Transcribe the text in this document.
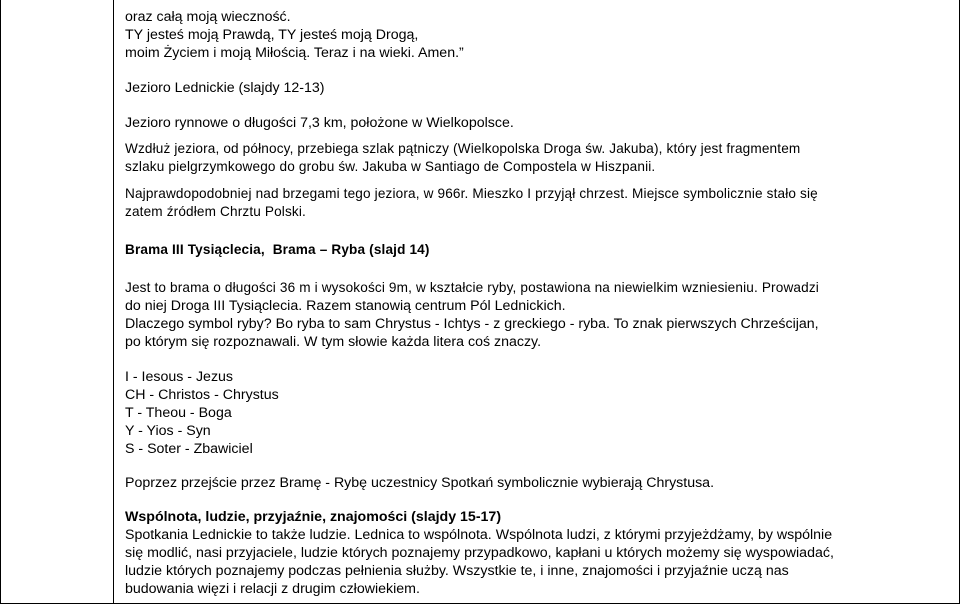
oraz całą moją wieczność.
TY jesteś moją Prawdą, TY jesteś moją Drogą,
moim Życiem i moją Miłością. Teraz i na wieki. Amen.”
Jezioro Lednickie (slajdy 12-13)
Jezioro rynnowe o długości 7,3 km, położone w Wielkopolsce.
Wzdłuż jeziora, od północy, przebiega szlak pątniczy (Wielkopolska Droga św. Jakuba), który jest fragmentem
szlaku pielgrzymkowego do grobu św. Jakuba w Santiago de Compostela w Hiszpanii.
Najprawdopodobniej nad brzegami tego jeziora, w 966r. Mieszko I przyjął chrzest. Miejsce symbolicznie stało się
zatem źródłem Chrztu Polski.
Brama III Tysiąclecia, Brama – Ryba (slajd 14)
Jest to brama o długości 36 m i wysokości 9m, w kształcie ryby, postawiona na niewielkim wzniesieniu. Prowadzi
do niej Droga III Tysiąclecia. Razem stanowią centrum Pól Lednickich.
Dlaczego symbol ryby? Bo ryba to sam Chrystus - Ichtys - z greckiego - ryba. To znak pierwszych Chrześcijan,
po którym się rozpoznawali. W tym słowie każda litera coś znaczy.
I - Iesous - Jezus
CH - Christos - Chrystus
T - Theou - Boga
Y - Yios - Syn
S - Soter - Zbawiciel
Poprzez przejście przez Bramę - Rybę uczestnicy Spotkań symbolicznie wybierają Chrystusa.
Wspólnota, ludzie, przyjaźnie, znajomości (slajdy 15-17)
Spotkania Lednickie to także ludzie. Lednica to wspólnota. Wspólnota ludzi, z którymi przyjeżdżamy, by wspólnie
się modlić, nasi przyjaciele, ludzie których poznajemy przypadkowo, kapłani u których możemy się wyspowiadać,
ludzie których poznajemy podczas pełnienia służby. Wszystkie te, i inne, znajomości i przyjaźnie uczą nas
budowania więzi i relacji z drugim człowiekiem.
